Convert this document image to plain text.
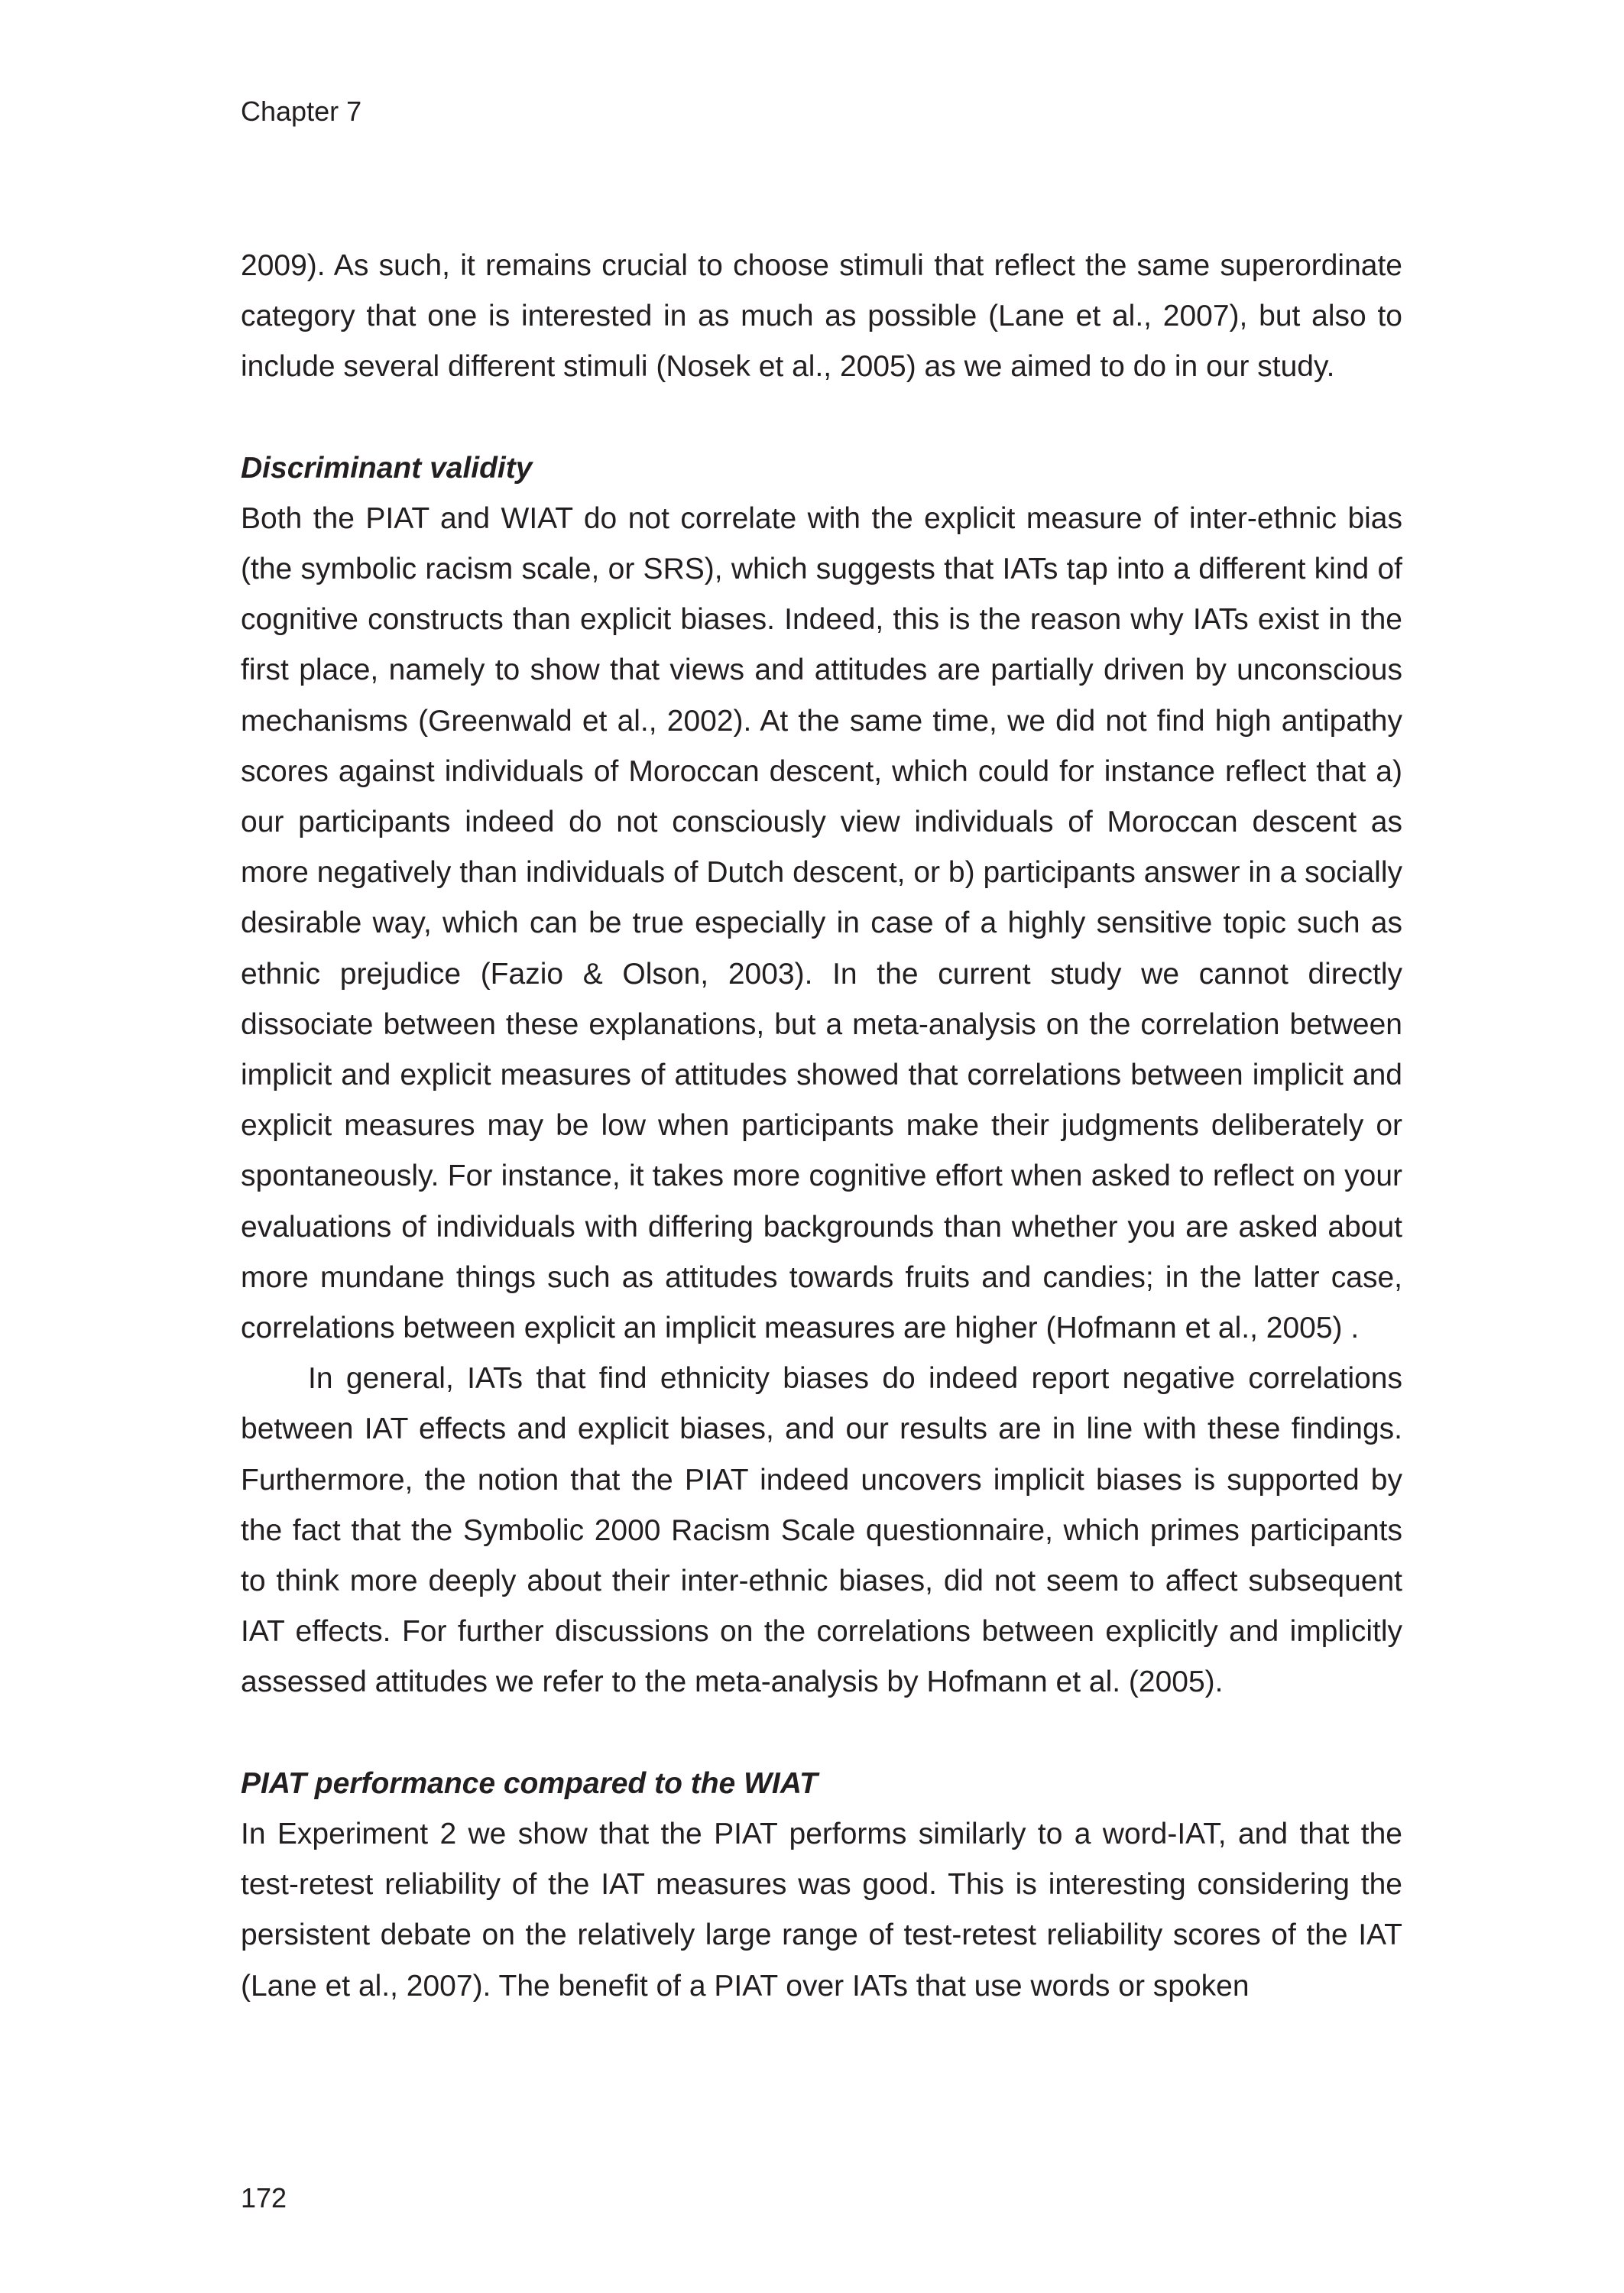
Chapter 7

2009). As such, it remains crucial to choose stimuli that reflect the same superordinate category that one is interested in as much as possible (Lane et al., 2007), but also to include several different stimuli (Nosek et al., 2005) as we aimed to do in our study.

Discriminant validity

Both the PIAT and WIAT do not correlate with the explicit measure of inter-ethnic bias (the symbolic racism scale, or SRS), which suggests that IATs tap into a different kind of cognitive constructs than explicit biases. Indeed, this is the reason why IATs exist in the first place, namely to show that views and attitudes are partially driven by unconscious mechanisms (Greenwald et al., 2002). At the same time, we did not find high antipathy scores against individuals of Moroccan descent, which could for instance reflect that a) our participants indeed do not consciously view individuals of Moroccan descent as more negatively than individuals of Dutch descent, or b) participants answer in a socially desirable way, which can be true especially in case of a highly sensitive topic such as ethnic prejudice (Fazio & Olson, 2003). In the current study we cannot directly dissociate between these explanations, but a meta-analysis on the correlation between implicit and explicit measures of attitudes showed that correlations between implicit and explicit measures may be low when participants make their judgments deliberately or spontaneously. For instance, it takes more cognitive effort when asked to reflect on your evaluations of individuals with differing backgrounds than whether you are asked about more mundane things such as attitudes towards fruits and candies; in the latter case, correlations between explicit an implicit measures are higher (Hofmann et al., 2005) .

In general, IATs that find ethnicity biases do indeed report negative correlations between IAT effects and explicit biases, and our results are in line with these findings. Furthermore, the notion that the PIAT indeed uncovers implicit biases is supported by the fact that the Symbolic 2000 Racism Scale questionnaire, which primes participants to think more deeply about their inter-ethnic biases, did not seem to affect subsequent IAT effects. For further discussions on the correlations between explicitly and implicitly assessed attitudes we refer to the meta-analysis by Hofmann et al. (2005).

PIAT performance compared to the WIAT

In Experiment 2 we show that the PIAT performs similarly to a word-IAT, and that the test-retest reliability of the IAT measures was good. This is interesting considering the persistent debate on the relatively large range of test-retest reliability scores of the IAT (Lane et al., 2007). The benefit of a PIAT over IATs that use words or spoken

172
